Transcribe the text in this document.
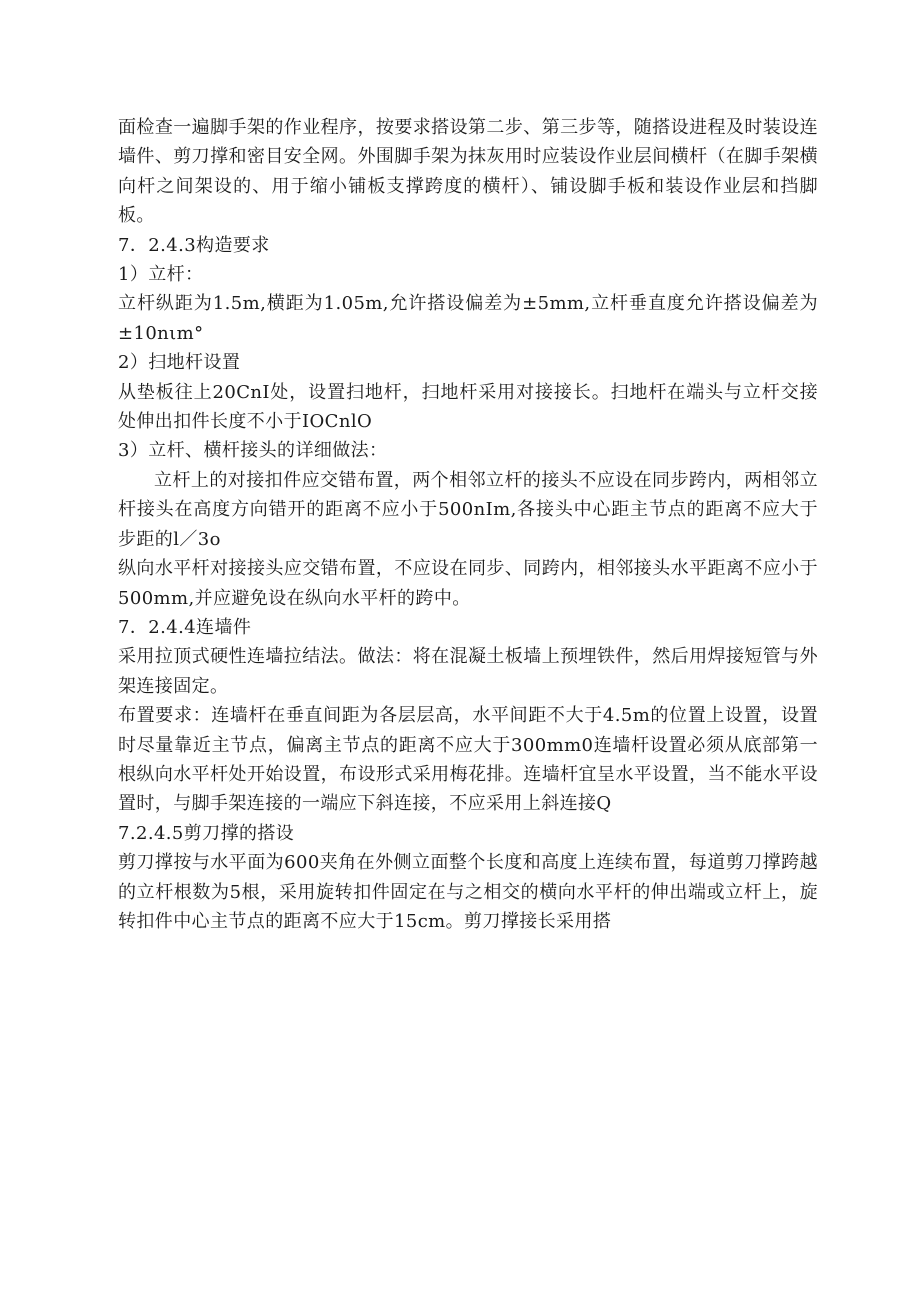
面检查一遍脚手架的作业程序，按要求搭设第二步、第三步等，随搭设进程及时装设连墙件、剪刀撑和密目安全网。外围脚手架为抹灰用时应装设作业层间横杆（在脚手架横向杆之间架设的、用于缩小铺板支撑跨度的横杆）、铺设脚手板和装设作业层和挡脚板。

7．2.4.3构造要求

1）立杆：

立杆纵距为1.5m,横距为1.05m,允许搭设偏差为±5mm,立杆垂直度允许搭设偏差为±10nιm°

2）扫地杆设置

从垫板往上20CnI处，设置扫地杆，扫地杆采用对接接长。扫地杆在端头与立杆交接处伸出扣件长度不小于IOCnlO

3）立杆、横杆接头的详细做法：

立杆上的对接扣件应交错布置，两个相邻立杆的接头不应设在同步跨内，两相邻立杆接头在高度方向错开的距离不应小于500nIm,各接头中心距主节点的距离不应大于步距的l／3o

纵向水平杆对接接头应交错布置，不应设在同步、同跨内，相邻接头水平距离不应小于500mm,并应避免设在纵向水平杆的跨中。

7．2.4.4连墙件

采用拉顶式硬性连墙拉结法。做法：将在混凝土板墙上预埋铁件，然后用焊接短管与外架连接固定。

布置要求：连墙杆在垂直间距为各层层高，水平间距不大于4.5m的位置上设置，设置时尽量靠近主节点，偏离主节点的距离不应大于300mm0连墙杆设置必须从底部第一根纵向水平杆处开始设置，布设形式采用梅花排。连墙杆宜呈水平设置，当不能水平设置时，与脚手架连接的一端应下斜连接，不应采用上斜连接Q

7.2.4.5剪刀撑的搭设

剪刀撑按与水平面为600夹角在外侧立面整个长度和高度上连续布置，每道剪刀撑跨越的立杆根数为5根，采用旋转扣件固定在与之相交的横向水平杆的伸出端或立杆上，旋转扣件中心主节点的距离不应大于15cm。剪刀撑接长采用搭
